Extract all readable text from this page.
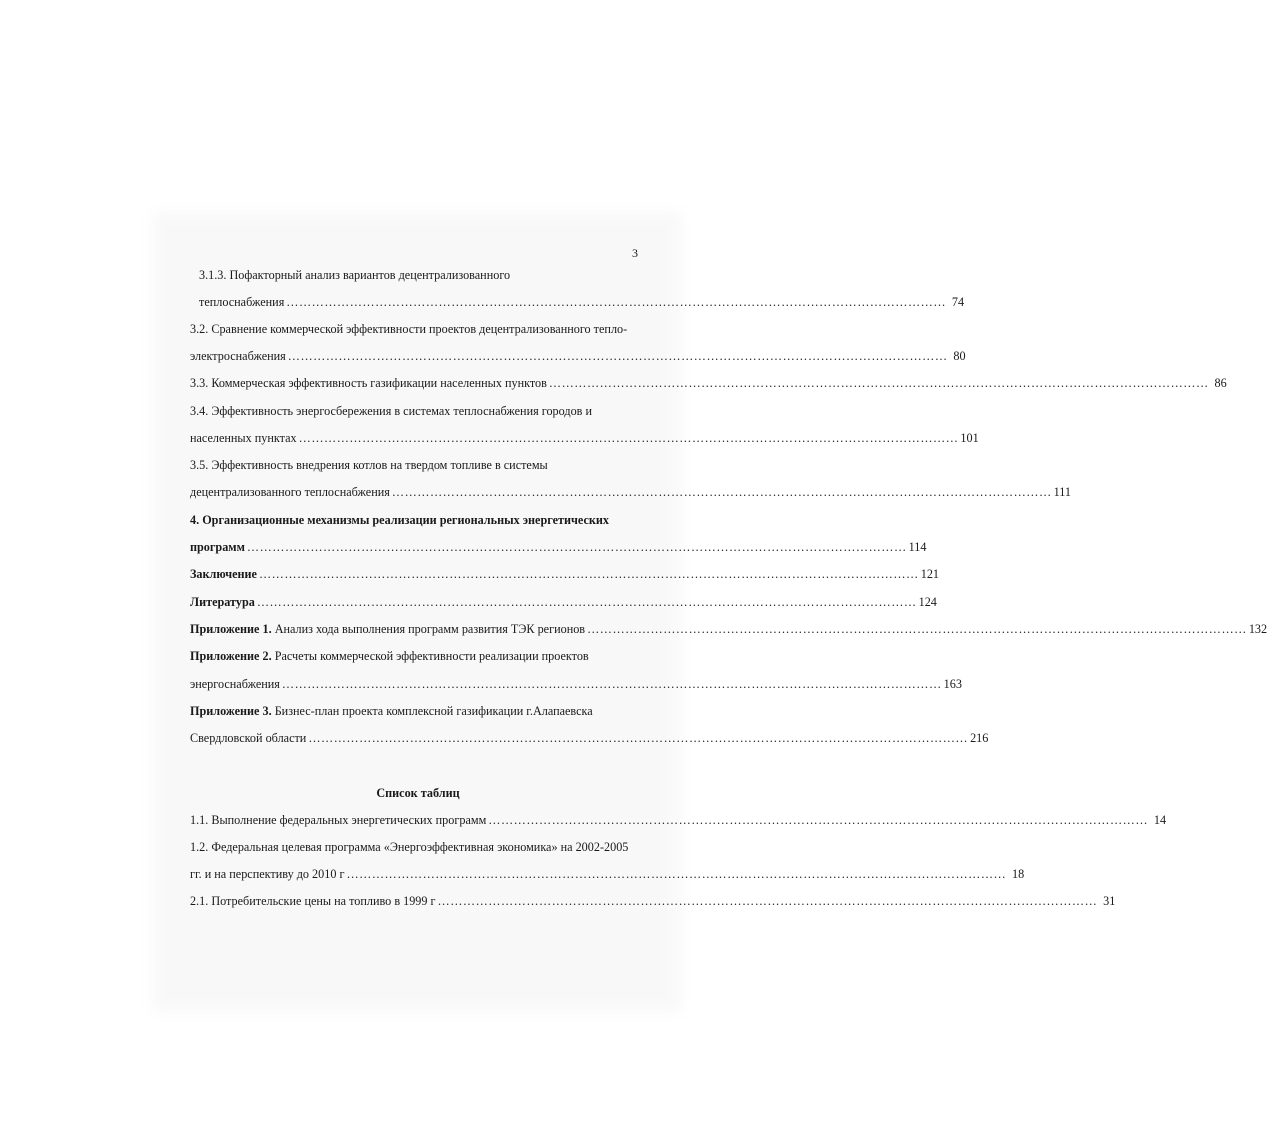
3
3.1.3. Пофакторный анализ вариантов децентрализованного
теплоснабжения ………………………………………………………………………………………………………………………………………… 74
3.2. Сравнение коммерческой эффективности проектов децентрализованного тепло-
электроснабжения ………………………………………………………………………………………………………………………………………… 80
3.3. Коммерческая эффективность газификации населенных пунктов ………………………………………………………………………………………………………………………………………… 86
3.4. Эффективность энергосбережения в системах теплоснабжения городов и
населенных пунктах ………………………………………………………………………………………………………………………………………… 101
3.5. Эффективность внедрения котлов на твердом топливе в системы
децентрализованного теплоснабжения ………………………………………………………………………………………………………………………………………… 111
4. Организационные механизмы реализации региональных энергетических
программ ………………………………………………………………………………………………………………………………………… 114
Заключение ………………………………………………………………………………………………………………………………………… 121
Литература ………………………………………………………………………………………………………………………………………… 124
Приложение 1. Анализ хода выполнения программ развития ТЭК регионов ………………………………………………………………………………………………………………………………………… 132
Приложение 2. Расчеты коммерческой эффективности реализации проектов
энергоснабжения ………………………………………………………………………………………………………………………………………… 163
Приложение 3. Бизнес-план проекта комплексной газификации г.Алапаевска
Свердловской области ………………………………………………………………………………………………………………………………………… 216
Список таблиц
1.1. Выполнение федеральных энергетических программ ………………………………………………………………………………………………………………………………………… 14
1.2. Федеральная целевая программа «Энергоэффективная экономика» на 2002-2005
гг. и на перспективу до 2010 г ………………………………………………………………………………………………………………………………………… 18
2.1. Потребительские цены на топливо в 1999 г ………………………………………………………………………………………………………………………………………… 31
